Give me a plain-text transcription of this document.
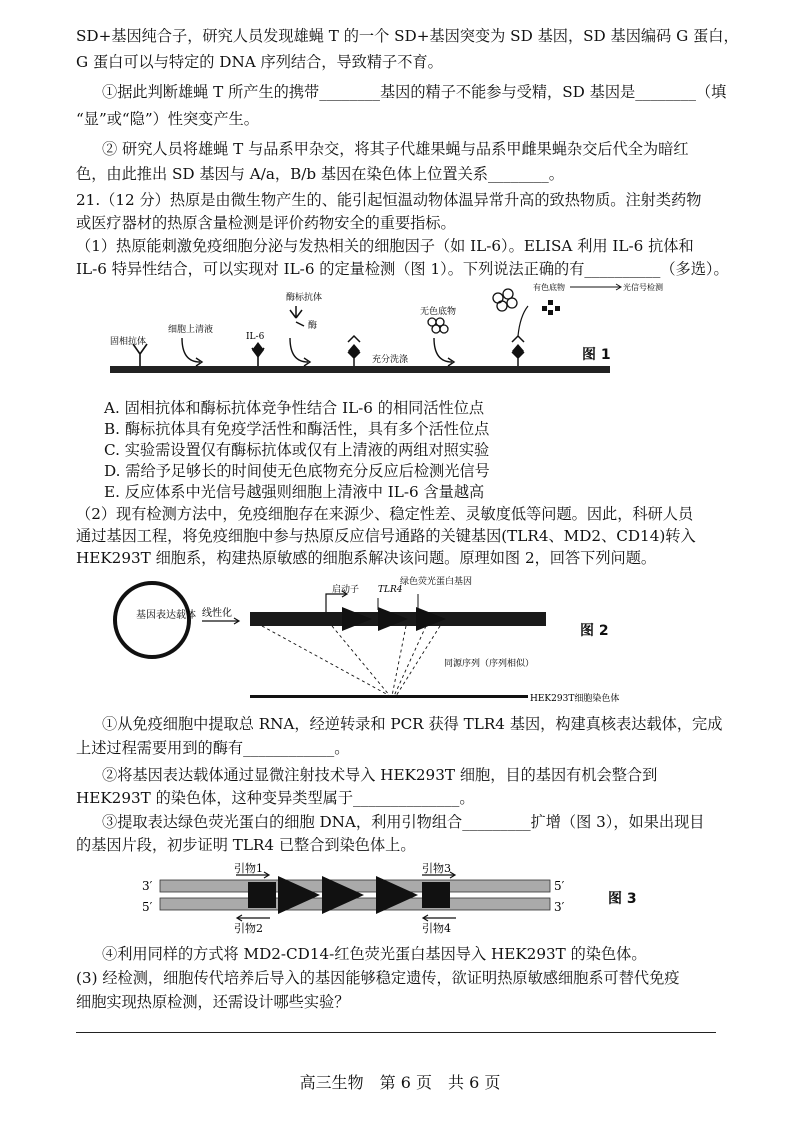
SD+基因纯合子，研究人员发现雄蝇 T 的一个 SD+基因突变为 SD 基因，SD 基因编码 G 蛋白，
G 蛋白可以与特定的 DNA 序列结合，导致精子不育。
①据此判断雄蝇 T 所产生的携带________基因的精子不能参与受精，SD 基因是________（填
“显”或“隐”）性突变产生。
② 研究人员将雄蝇 T 与品系甲杂交，将其子代雄果蝇与品系甲雌果蝇杂交后代全为暗红
色，由此推出 SD 基因与 A/a，B/b 基因在染色体上位置关系________。
21.（12 分）热原是由微生物产生的、能引起恒温动物体温异常升高的致热物质。注射类药物
或医疗器材的热原含量检测是评价药物安全的重要指标。
（1）热原能刺激免疫细胞分泌与发热相关的细胞因子（如 IL-6）。ELISA 利用 IL-6 抗体和
IL-6 特异性结合，可以实现对 IL-6 的定量检测（图 1）。下列说法正确的有__________（多选）。
固相抗体
细胞上清液
IL-6
酶标抗体
酶
充分洗涤
无色底物
有色底物	光信号检测
图 1
A. 固相抗体和酶标抗体竞争性结合 IL-6 的相同活性位点
B. 酶标抗体具有免疫学活性和酶活性，具有多个活性位点
C. 实验需设置仅有酶标抗体或仅有上清液的两组对照实验
D. 需给予足够长的时间使无色底物充分反应后检测光信号
E. 反应体系中光信号越强则细胞上清液中 IL-6 含量越高
（2）现有检测方法中，免疫细胞存在来源少、稳定性差、灵敏度低等问题。因此，科研人员
通过基因工程，将免疫细胞中参与热原反应信号通路的关键基因(TLR4、MD2、CD14)转入
HEK293T 细胞系，构建热原敏感的细胞系解决该问题。原理如图 2，回答下列问题。
基因表达载体 线性化
启动子 TLR4
绿色荧光蛋白基因
同源序列（序列相似）
HEK293T细胞染色体
图 2
①从免疫细胞中提取总 RNA，经逆转录和 PCR 获得 TLR4 基因，构建真核表达载体，完成
上述过程需要用到的酶有____________。
②将基因表达载体通过显微注射技术导入 HEK293T 细胞，目的基因有机会整合到
HEK293T 的染色体，这种变异类型属于______________。
③提取表达绿色荧光蛋白的细胞 DNA，利用引物组合_________扩增（图 3），如果出现目
的基因片段，初步证明 TLR4 已整合到染色体上。
3′
5′
5′
3′
引物1
引物2
引物3
引物4
图 3
④利用同样的方式将 MD2-CD14-红色荧光蛋白基因导入 HEK293T 的染色体。
(3) 经检测，细胞传代培养后导入的基因能够稳定遗传，欲证明热原敏感细胞系可替代免疫
细胞实现热原检测，还需设计哪些实验？
高三生物　第 6 页　共 6 页
